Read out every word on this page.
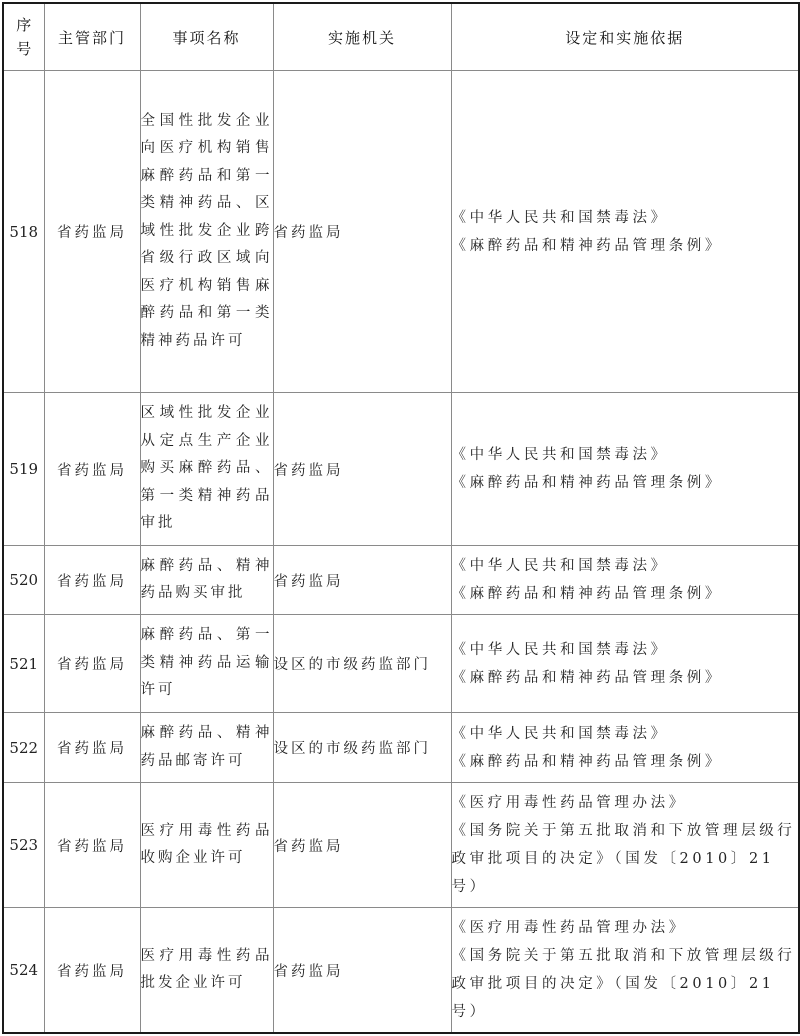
序
号	主管部门	事项名称	实施机关	设定和实施依据
518	省药监局	全国性批发企业向医疗机构销售麻醉药品和第一类精神药品、区域性批发企业跨省级行政区域向医疗机构销售麻醉药品和第一类精神药品许可	省药监局	《中华人民共和国禁毒法》
《麻醉药品和精神药品管理条例》

519	省药监局	区域性批发企业从定点生产企业购买麻醉药品、第一类精神药品审批	省药监局	《中华人民共和国禁毒法》
《麻醉药品和精神药品管理条例》

520	省药监局	麻醉药品、精神药品购买审批	省药监局	《中华人民共和国禁毒法》
《麻醉药品和精神药品管理条例》

521	省药监局	麻醉药品、第一类精神药品运输许可	设区的市级药监部门	《中华人民共和国禁毒法》
《麻醉药品和精神药品管理条例》

522	省药监局	麻醉药品、精神药品邮寄许可	设区的市级药监部门	《中华人民共和国禁毒法》
《麻醉药品和精神药品管理条例》

523	省药监局	医疗用毒性药品收购企业许可	省药监局	《医疗用毒性药品管理办法》
《国务院关于第五批取消和下放管理层级行政审批项目的决定》（国发〔2010〕21号）

524	省药监局	医疗用毒性药品批发企业许可	省药监局	《医疗用毒性药品管理办法》
《国务院关于第五批取消和下放管理层级行政审批项目的决定》（国发〔2010〕21号）
